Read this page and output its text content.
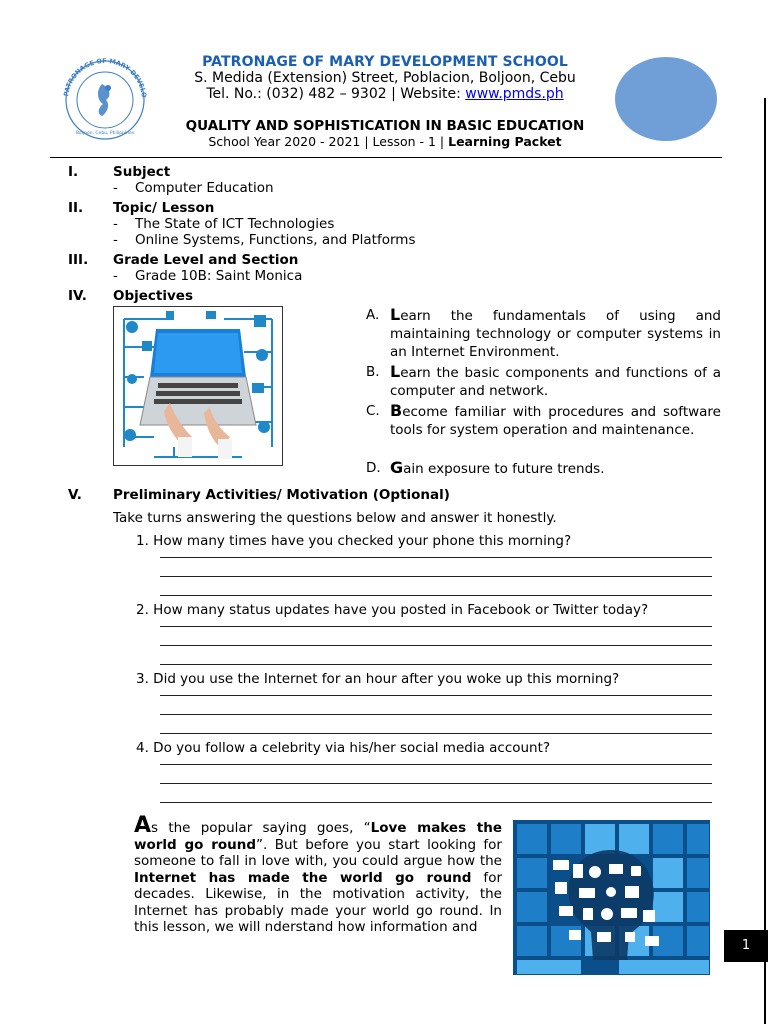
PATRONAGE OF MARY DEVELO
Boljoon, Cebu, Philippines
PATRONAGE OF MARY DEVELOPMENT SCHOOL
S. Medida (Extension) Street, Poblacion, Boljoon, Cebu
Tel. No.: (032) 482 – 9302 | Website: www.pmds.ph
QUALITY AND SOPHISTICATION IN BASIC EDUCATION
School Year 2020 - 2021 | Lesson - 1 | Learning Packet
I.	Subject
- Computer Education
II. Topic/ Lesson
- The State of ICT Technologies
- Online Systems, Functions, and Platforms
III. Grade Level and Section
- Grade 10B: Saint Monica
IV. Objectives
A. Learn the fundamentals of using and maintaining technology or computer systems in an Internet Environment.
B. Learn the basic components and functions of a computer and network.
C. Become familiar with procedures and software tools for system operation and maintenance.
D. Gain exposure to future trends.
V. Preliminary Activities/ Motivation (Optional)
Take turns answering the questions below and answer it honestly.
1. How many times have you checked your phone this morning?
2. How many status updates have you posted in Facebook or Twitter today?
3. Did you use the Internet for an hour after you woke up this morning?
4. Do you follow a celebrity via his/her social media account?
As the popular saying goes, “Love makes the world go round”. But before you start looking for someone to fall in love with, you could argue how the Internet has made the world go round for decades. Likewise, in the motivation activity, the Internet has probably made your world go round. In this lesson, we will nderstand how information and
1
